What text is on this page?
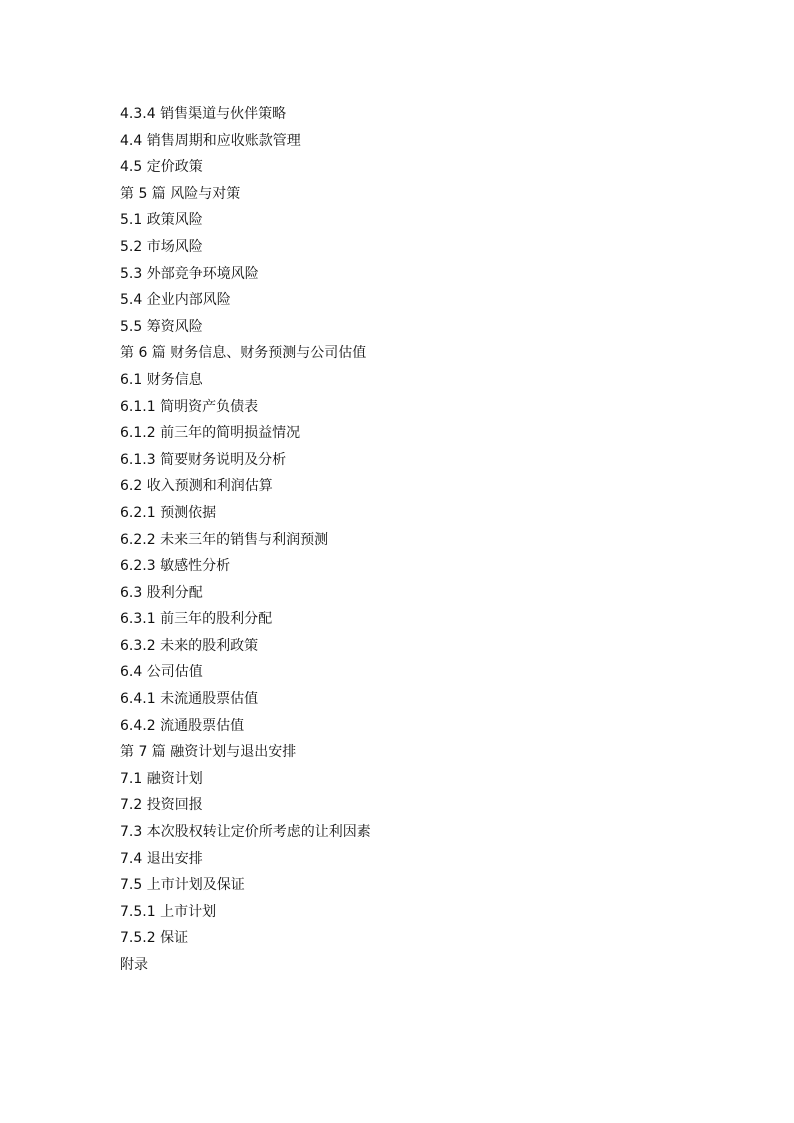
4.3.4 销售渠道与伙伴策略
4.4 销售周期和应收账款管理
4.5 定价政策
第 5 篇 风险与对策
5.1 政策风险
5.2 市场风险
5.3 外部竞争环境风险
5.4 企业内部风险
5.5 筹资风险
第 6 篇 财务信息、财务预测与公司估值
6.1 财务信息
6.1.1 简明资产负债表
6.1.2 前三年的简明损益情况
6.1.3 简要财务说明及分析
6.2 收入预测和利润估算
6.2.1 预测依据
6.2.2 未来三年的销售与利润预测
6.2.3 敏感性分析
6.3 股利分配
6.3.1 前三年的股利分配
6.3.2 未来的股利政策
6.4 公司估值
6.4.1 未流通股票估值
6.4.2 流通股票估值
第 7 篇 融资计划与退出安排
7.1 融资计划
7.2 投资回报
7.3 本次股权转让定价所考虑的让利因素
7.4 退出安排
7.5 上市计划及保证
7.5.1 上市计划
7.5.2 保证
附录
